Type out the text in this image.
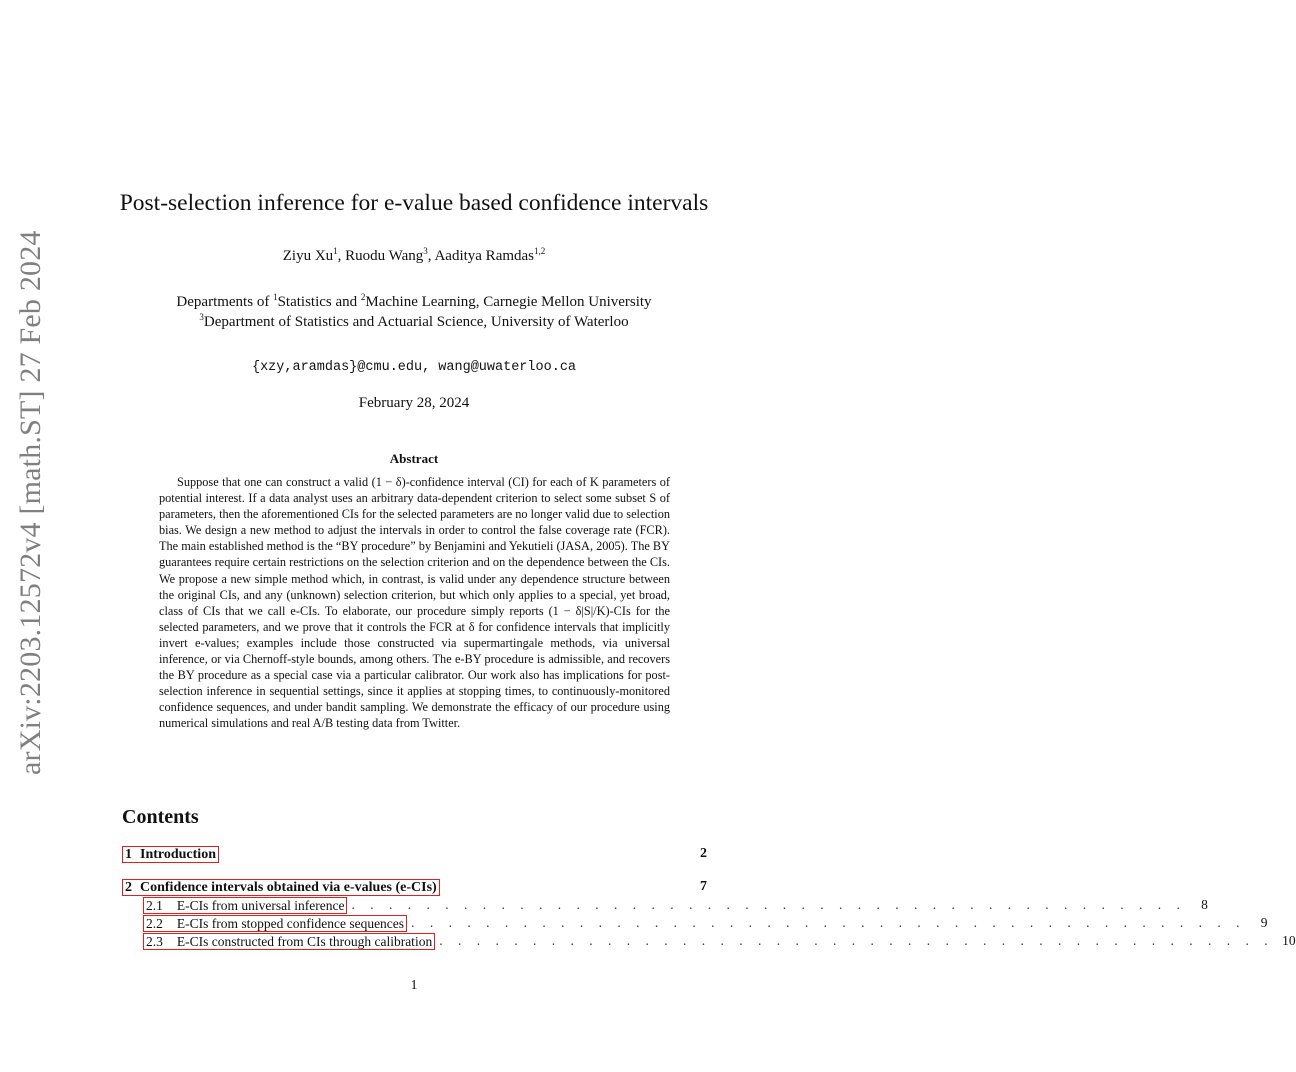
arXiv:2203.12572v4 [math.ST] 27 Feb 2024
Post-selection inference for e-value based confidence intervals
Ziyu Xu$^1$, Ruodu Wang$^3$, Aaditya Ramdas$^{1,2}$
Departments of $^1$Statistics and $^2$Machine Learning, Carnegie Mellon University
$^3$Department of Statistics and Actuarial Science, University of Waterloo
{xzy,aramdas}@cmu.edu, wang@uwaterloo.ca
February 28, 2024
Abstract

Suppose that one can construct a valid (1 − δ)-confidence interval (CI) for each of K parameters of potential interest. If a data analyst uses an arbitrary data-dependent criterion to select some subset S of parameters, then the aforementioned CIs for the selected parameters are no longer valid due to selection bias. We design a new method to adjust the intervals in order to control the false coverage rate (FCR). The main established method is the “BY procedure” by Benjamini and Yekutieli (JASA, 2005). The BY guarantees require certain restrictions on the selection criterion and on the dependence between the CIs. We propose a new simple method which, in contrast, is valid under any dependence structure between the original CIs, and any (unknown) selection criterion, but which only applies to a special, yet broad, class of CIs that we call e-CIs. To elaborate, our procedure simply reports (1 − δ|S|/K)-CIs for the selected parameters, and we prove that it controls the FCR at δ for confidence intervals that implicitly invert e-values; examples include those constructed via supermartingale methods, via universal inference, or via Chernoff-style bounds, among others. The e-BY procedure is admissible, and recovers the BY procedure as a special case via a particular calibrator. Our work also has implications for post-selection inference in sequential settings, since it applies at stopping times, to continuously-monitored confidence sequences, and under bandit sampling. We demonstrate the efficacy of our procedure using numerical simulations and real A/B testing data from Twitter.

Contents
1 Introduction	2
2 Confidence intervals obtained via e-values (e-CIs)	7
2.1 E-CIs from universal inference . . . . . . . . . . . . . . . . . . . . . . . . . . . . . . . . . . . . . . . . . . . . .	8
2.2 E-CIs from stopped confidence sequences . . . . . . . . . . . . . . . . . . . . . . . . . . . . . . . . . . . . . . . . . . . . .	9
2.3 E-CIs constructed from CIs through calibration . . . . . . . . . . . . . . . . . . . . . . . . . . . . . . . . . . . . . . . . . . . . . 10
1
